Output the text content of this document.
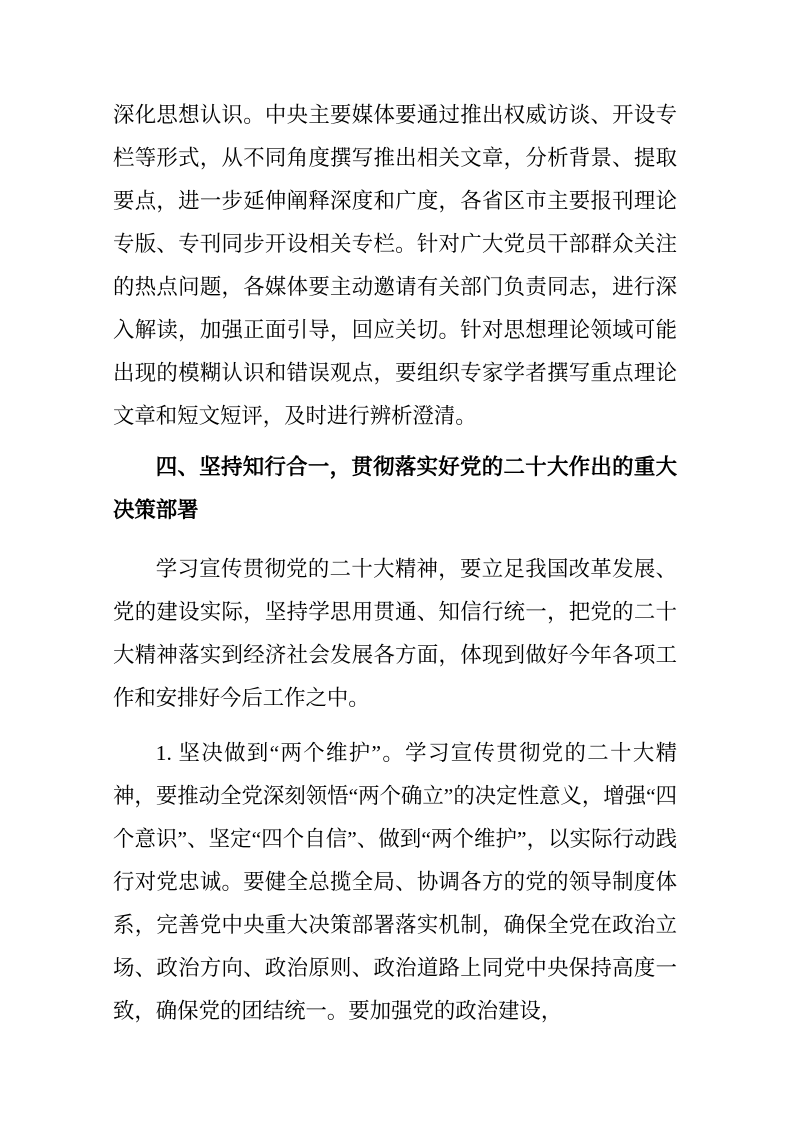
深化思想认识。中央主要媒体要通过推出权威访谈、开设专栏等形式，从不同角度撰写推出相关文章，分析背景、提取要点，进一步延伸阐释深度和广度，各省区市主要报刊理论专版、专刊同步开设相关专栏。针对广大党员干部群众关注的热点问题，各媒体要主动邀请有关部门负责同志，进行深入解读，加强正面引导，回应关切。针对思想理论领域可能出现的模糊认识和错误观点，要组织专家学者撰写重点理论文章和短文短评，及时进行辨析澄清。

四、坚持知行合一，贯彻落实好党的二十大作出的重大决策部署

学习宣传贯彻党的二十大精神，要立足我国改革发展、党的建设实际，坚持学思用贯通、知信行统一，把党的二十大精神落实到经济社会发展各方面，体现到做好今年各项工作和安排好今后工作之中。

1. 坚决做到“两个维护”。学习宣传贯彻党的二十大精神，要推动全党深刻领悟“两个确立”的决定性意义，增强“四个意识”、坚定“四个自信”、做到“两个维护”，以实际行动践行对党忠诚。要健全总揽全局、协调各方的党的领导制度体系，完善党中央重大决策部署落实机制，确保全党在政治立场、政治方向、政治原则、政治道路上同党中央保持高度一致，确保党的团结统一。要加强党的政治建设，
